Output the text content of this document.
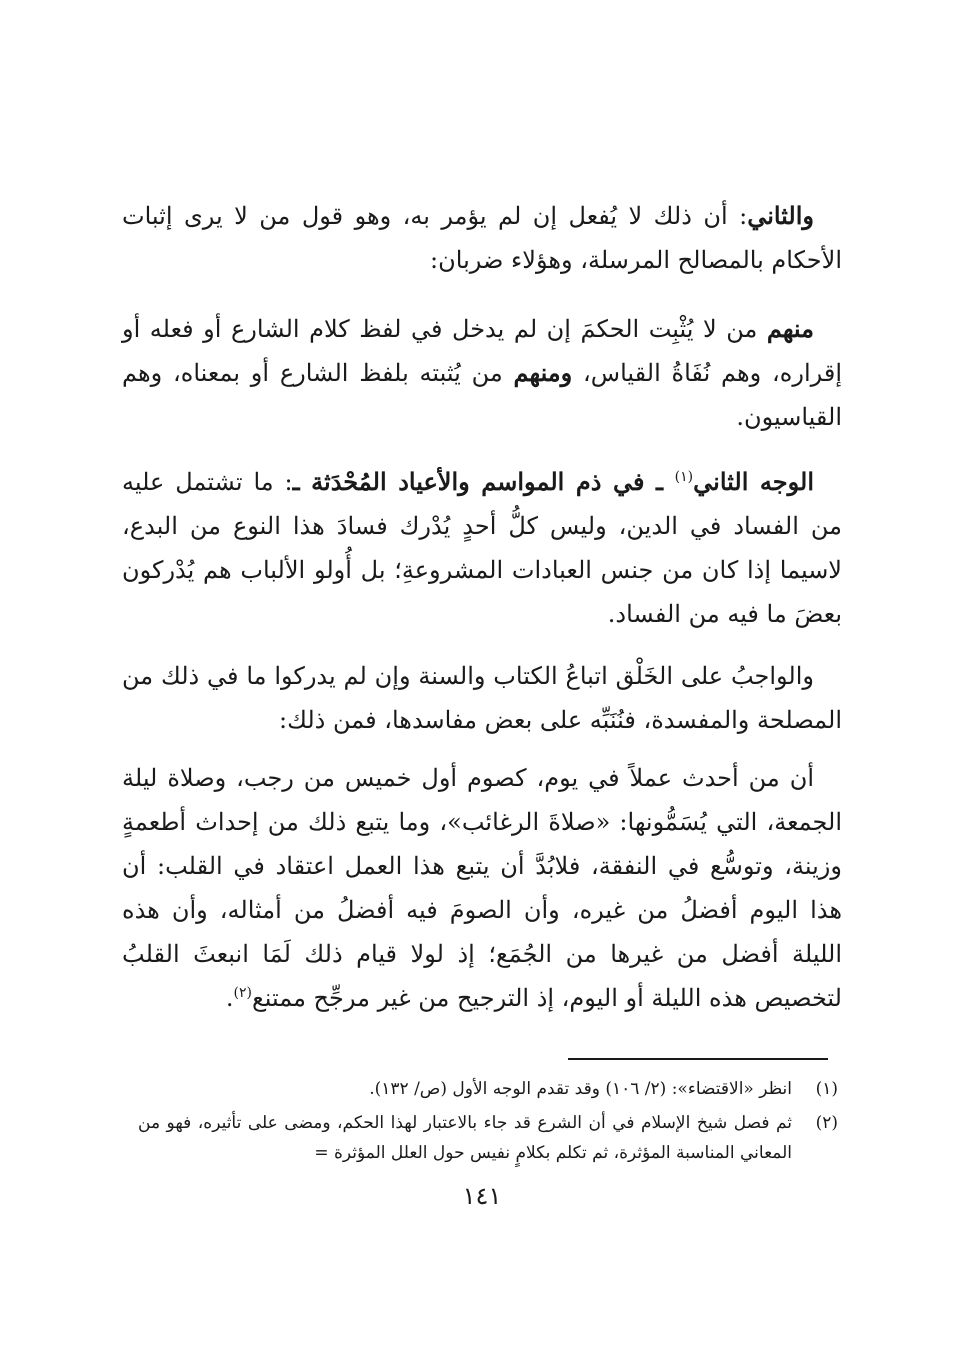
والثاني: أن ذلك لا يُفعل إن لم يؤمر به، وهو قول من لا يرى إثبات الأحكام بالمصالح المرسلة، وهؤلاء ضربان:

منهم من لا يُثْبِت الحكمَ إن لم يدخل في لفظ كلام الشارع أو فعله أو إقراره، وهم نُفَاةُ القياس، ومنهم من يُثبته بلفظ الشارع أو بمعناه، وهم القياسيون.

الوجه الثاني$^{(١)}$ ـ في ذم المواسم والأعياد المُحْدَثة ـ: ما تشتمل عليه من الفساد في الدين، وليس كلُّ أحدٍ يُدْرك فسادَ هذا النوع من البدع، لاسيما إذا كان من جنس العبادات المشروعةِ؛ بل أُولو الألباب هم يُدْركون بعضَ ما فيه من الفساد.

والواجبُ على الخَلْق اتباعُ الكتاب والسنة وإن لم يدركوا ما في ذلك من المصلحة والمفسدة، فنُنَبِّه على بعض مفاسدها، فمن ذلك:

أن من أحدث عملاً في يوم، كصوم أول خميس من رجب، وصلاة ليلة الجمعة، التي يُسَمُّونها: «صلاةَ الرغائب»، وما يتبع ذلك من إحداث أطعمةٍ وزينة، وتوسُّع في النفقة، فلابُدَّ أن يتبع هذا العمل اعتقاد في القلب: أن هذا اليوم أفضلُ من غيره، وأن الصومَ فيه أفضلُ من أمثاله، وأن هذه الليلة أفضل من غيرها من الجُمَع؛ إذ لولا قيام ذلك لَمَا انبعثَ القلبُ لتخصيص هذه الليلة أو اليوم، إذ الترجيح من غير مرجِّح ممتنع$^{(٢)}$.

(١)
انظر «الاقتضاء»: (٢/ ١٠٦) وقد تقدم الوجه الأول (ص/ ١٣٢).
(٢)
ثم فصل شيخ الإسلام في أن الشرع قد جاء بالاعتبار لهذا الحكم، ومضى على تأثيره، فهو من المعاني المناسبة المؤثرة، ثم تكلم بكلامٍ نفيس حول العلل المؤثرة =
١٤١
